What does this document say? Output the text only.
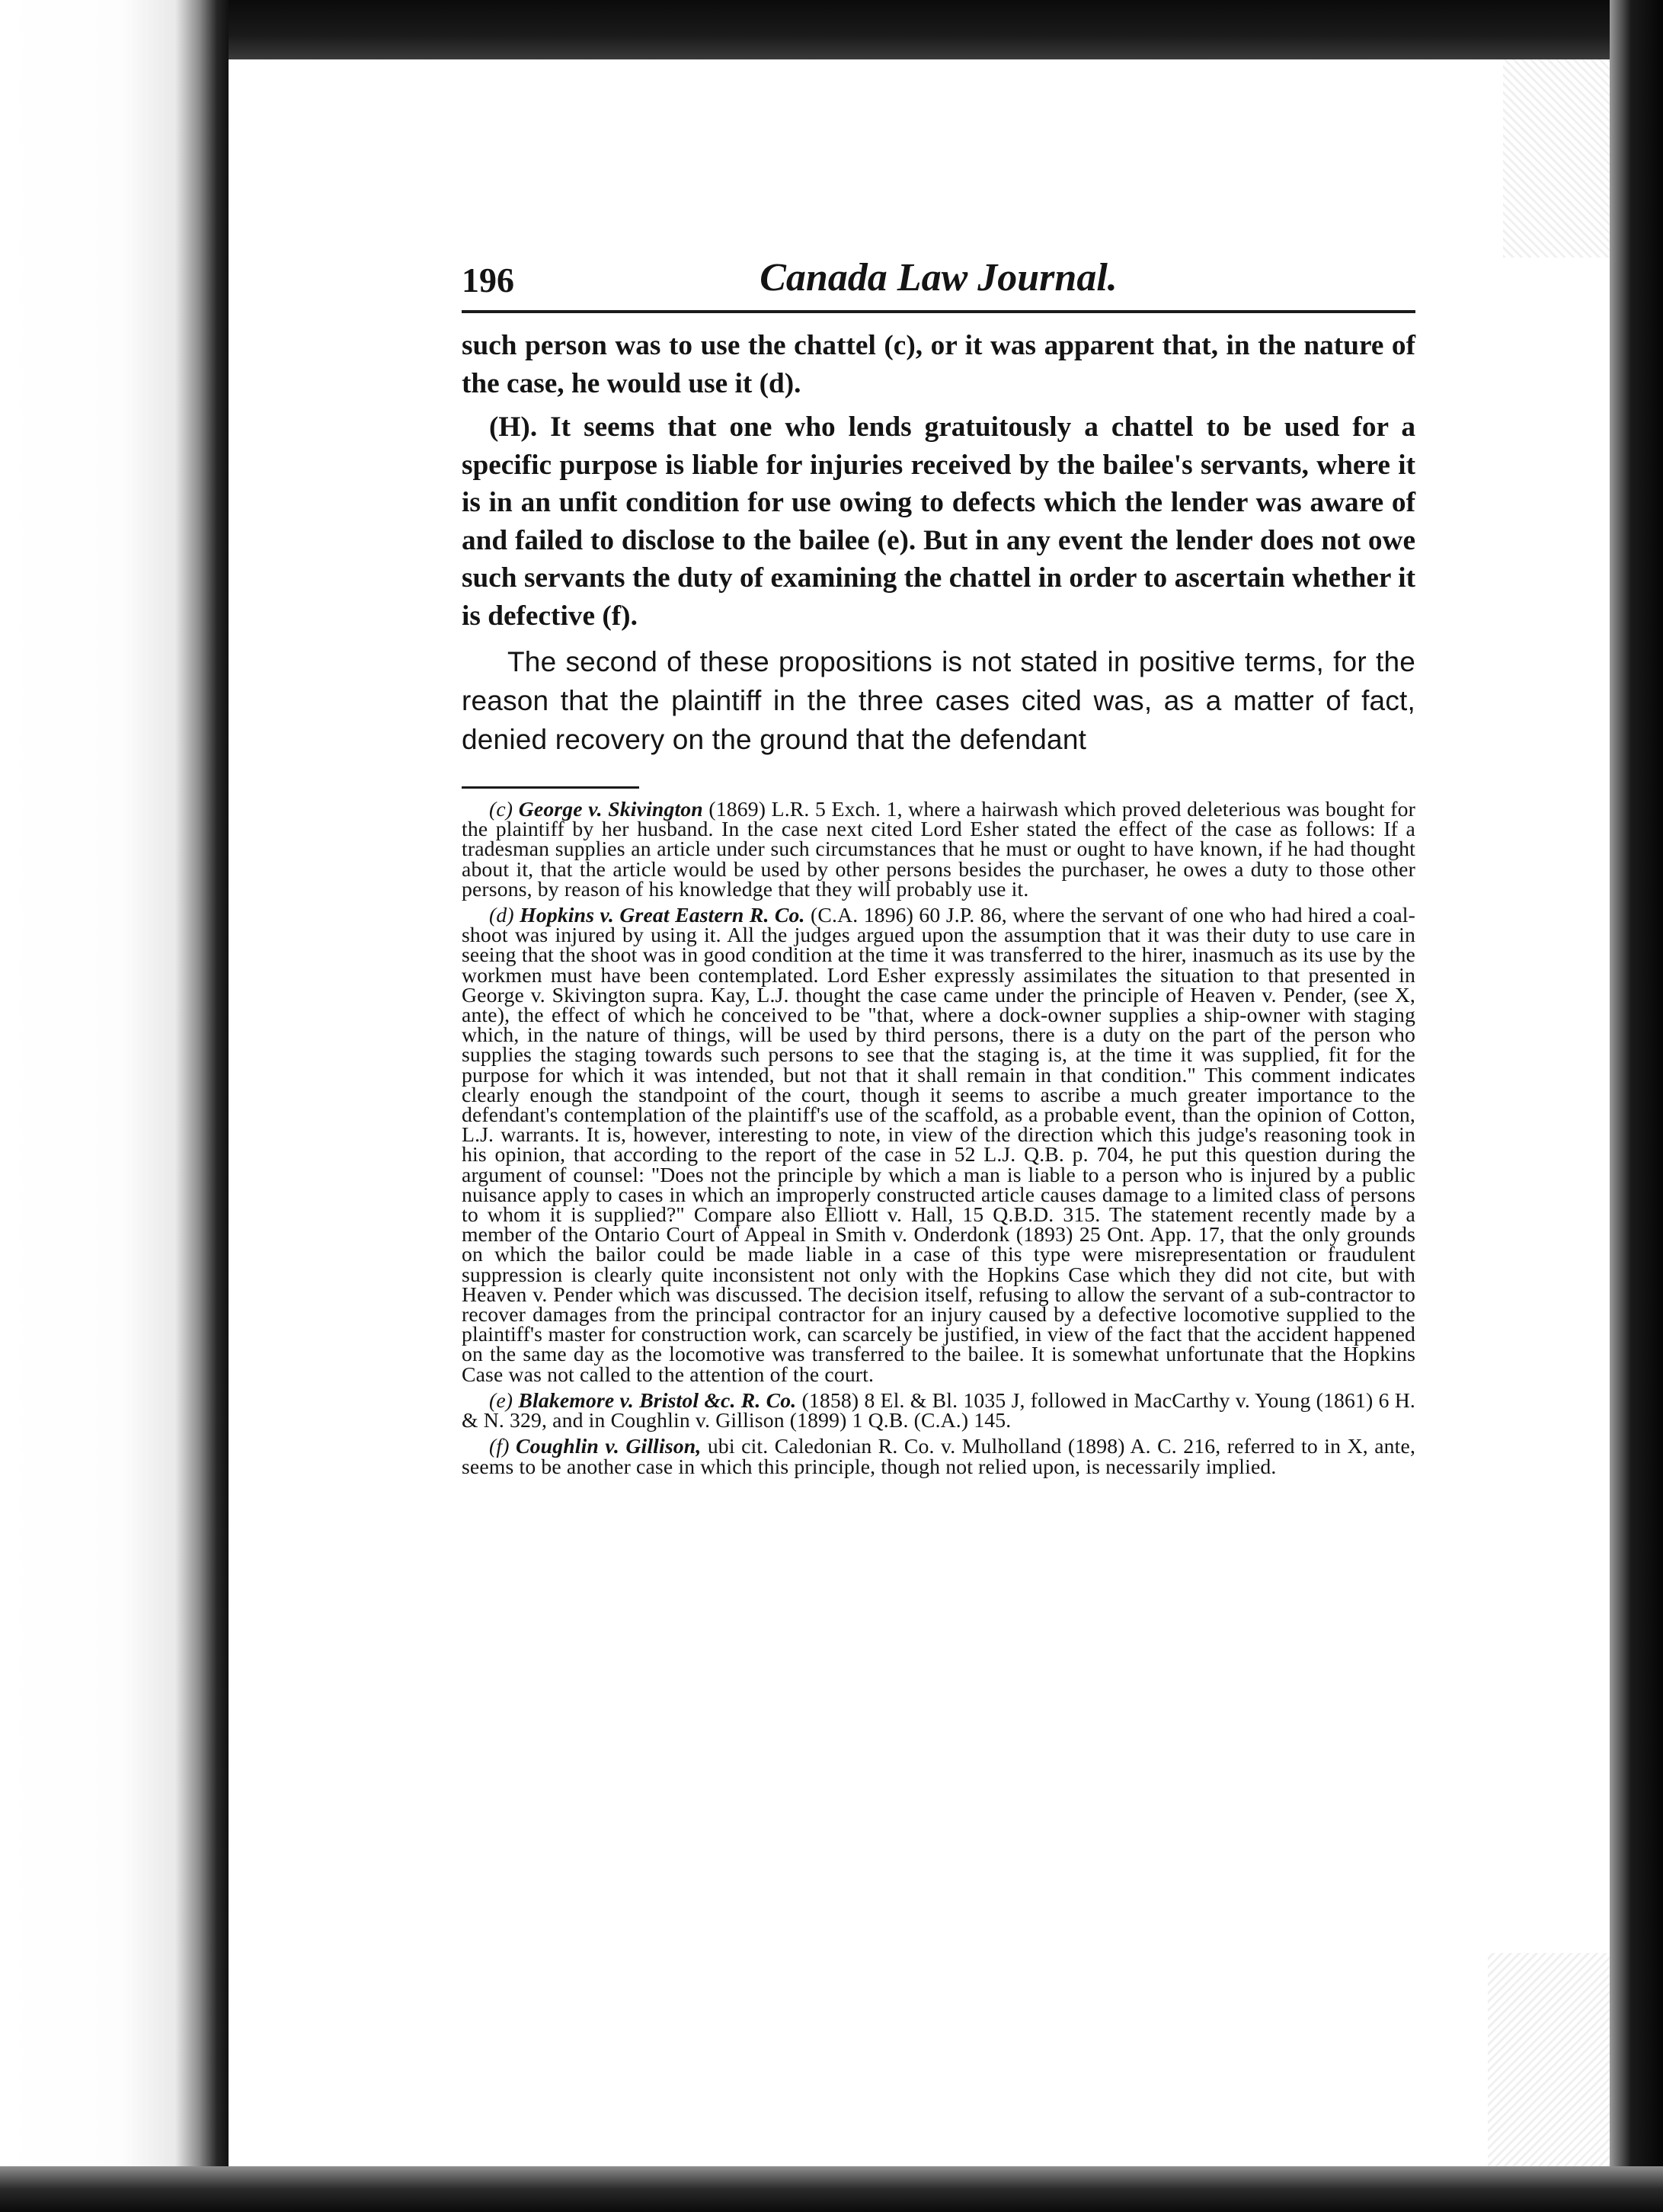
196	Canada Law Journal.

such person was to use the chattel (c), or it was apparent that, in the nature of the case, he would use it (d).

(H). It seems that one who lends gratuitously a chattel to be used for a specific purpose is liable for injuries received by the bailee's servants, where it is in an unfit condition for use owing to defects which the lender was aware of and failed to disclose to the bailee (e). But in any event the lender does not owe such servants the duty of examining the chattel in order to ascertain whether it is defective (f).

The second of these propositions is not stated in positive terms, for the reason that the plaintiff in the three cases cited was, as a matter of fact, denied recovery on the ground that the defendant

(c) George v. Skivington (1869) L.R. 5 Exch. 1, where a hairwash which proved deleterious was bought for the plaintiff by her husband. In the case next cited Lord Esher stated the effect of the case as follows: If a tradesman supplies an article under such circumstances that he must or ought to have known, if he had thought about it, that the article would be used by other persons besides the purchaser, he owes a duty to those other persons, by reason of his knowledge that they will probably use it.

(d) Hopkins v. Great Eastern R. Co. (C.A. 1896) 60 J.P. 86, where the servant of one who had hired a coal-shoot was injured by using it. All the judges argued upon the assumption that it was their duty to use care in seeing that the shoot was in good condition at the time it was transferred to the hirer, inasmuch as its use by the workmen must have been contemplated. Lord Esher expressly assimilates the situation to that presented in George v. Skivington supra. Kay, L.J. thought the case came under the principle of Heaven v. Pender, (see X, ante), the effect of which he conceived to be "that, where a dock-owner supplies a ship-owner with staging which, in the nature of things, will be used by third persons, there is a duty on the part of the person who supplies the staging towards such persons to see that the staging is, at the time it was supplied, fit for the purpose for which it was intended, but not that it shall remain in that condition." This comment indicates clearly enough the standpoint of the court, though it seems to ascribe a much greater importance to the defendant's contemplation of the plaintiff's use of the scaffold, as a probable event, than the opinion of Cotton, L.J. warrants. It is, however, interesting to note, in view of the direction which this judge's reasoning took in his opinion, that according to the report of the case in 52 L.J. Q.B. p. 704, he put this question during the argument of counsel: "Does not the principle by which a man is liable to a person who is injured by a public nuisance apply to cases in which an improperly constructed article causes damage to a limited class of persons to whom it is supplied?" Compare also Elliott v. Hall, 15 Q.B.D. 315. The statement recently made by a member of the Ontario Court of Appeal in Smith v. Onderdonk (1893) 25 Ont. App. 17, that the only grounds on which the bailor could be made liable in a case of this type were misrepresentation or fraudulent suppression is clearly quite inconsistent not only with the Hopkins Case which they did not cite, but with Heaven v. Pender which was discussed. The decision itself, refusing to allow the servant of a sub-contractor to recover damages from the principal contractor for an injury caused by a defective locomotive supplied to the plaintiff's master for construction work, can scarcely be justified, in view of the fact that the accident happened on the same day as the locomotive was transferred to the bailee. It is somewhat unfortunate that the Hopkins Case was not called to the attention of the court.

(e) Blakemore v. Bristol &c. R. Co. (1858) 8 El. & Bl. 1035 J, followed in MacCarthy v. Young (1861) 6 H. & N. 329, and in Coughlin v. Gillison (1899) 1 Q.B. (C.A.) 145.

(f) Coughlin v. Gillison, ubi cit. Caledonian R. Co. v. Mulholland (1898) A. C. 216, referred to in X, ante, seems to be another case in which this principle, though not relied upon, is necessarily implied.
